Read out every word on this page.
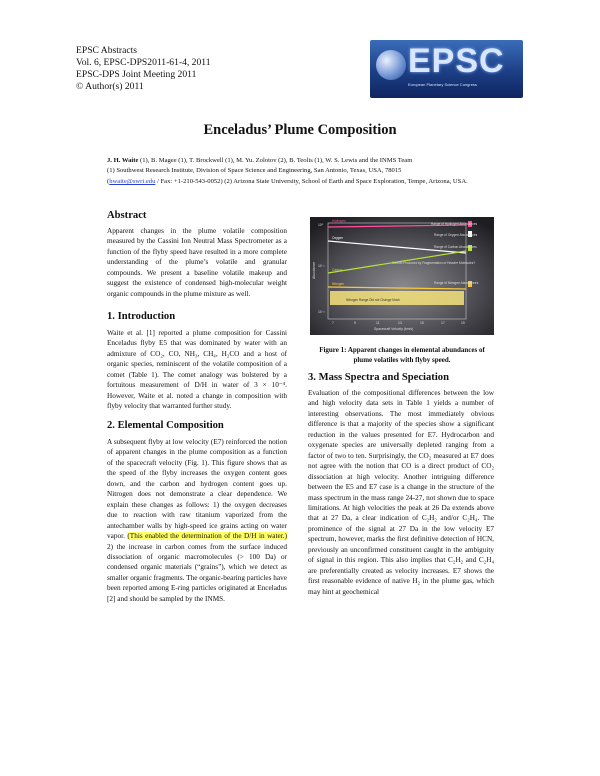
EPSC Abstracts
Vol. 6, EPSC-DPS2011-61-4, 2011
EPSC-DPS Joint Meeting 2011
© Author(s) 2011
EPSC
European Planetary Science Congress
Enceladus’ Plume Composition
J. H. Waite (1), B. Magee (1), T. Brockwell (1), M. Yu. Zolotov (2), B. Teolis (1), W. S. Lewis and the INMS Team
(1) Southwest Research Institute, Division of Space Science and Engineering, San Antonio, Texas, USA, 78015
(hwaite@swri.edu / Fax: +1-210-543-0052) (2) Arizona State University, School of Earth and Space Exploration, Tempe, Arizona, USA.
Abstract
Apparent changes in the plume volatile composition measured by the Cassini Ion Neutral Mass Spectrometer as a function of the flyby speed have resulted in a more complete understanding of the plume’s volatile and granular compounds. We present a baseline volatile makeup and suggest the existence of condensed high-molecular weight organic compounds in the plume mixture as well.
1. Introduction
Waite et al. [1] reported a plume composition for Cassini Enceladus flyby E5 that was dominated by water with an admixture of CO₂, CO, NH₃, CH₄, H₂CO and a host of organic species, reminiscent of the volatile composition of a comet (Table 1). The comet analogy was bolstered by a fortuitous measurement of D/H in water of 3 × 10⁻⁴. However, Waite et al. noted a change in composition with flyby velocity that warranted further study.
2. Elemental Composition
A subsequent flyby at low velocity (E7) reinforced the notion of apparent changes in the plume composition as a function of the spacecraft velocity (Fig. 1). This figure shows that as the speed of the flyby increases the oxygen content goes down, and the carbon and hydrogen content goes up. Nitrogen does not demonstrate a clear dependence. We explain these changes as follows: 1) the oxygen decreases due to reaction with raw titanium vaporized from the antechamber walls by high-speed ice grains acting on water vapor. (This enabled the determination of the D/H in water.) 2) the increase in carbon comes from the surface induced dissociation of organic macromolecules (> 100 Da) or condensed organic materials (“grains”), which we detect as smaller organic fragments. The organic-bearing particles have been reported among E-ring particles originated at Enceladus [2] and should be sampled by the INMS.
Hydrogen
Range of Hydrogen Abundances
Oxygen
Range of Oxygen Abundances
Carbon Produced by Fragmentation of Heavier Molecules?
Carbon
Range of Carbon Abundances
Nitrogen
Nitrogen Range Did not Change Much
Range of Nitrogen Abundances
10⁰
10⁻¹
10⁻²
7	9	11	13	15	17	19
Spacecraft Velocity (km/s)
Abundance
Figure 1: Apparent changes in elemental abundances of plume volatiles with flyby speed.
3. Mass Spectra and Speciation
Evaluation of the compositional differences between the low and high velocity data sets in Table 1 yields a number of interesting observations. The most immediately obvious difference is that a majority of the species show a significant reduction in the values presented for E7. Hydrocarbon and oxygenate species are universally depleted ranging from a factor of two to ten. Surprisingly, the CO₂ measured at E7 does not agree with the notion that CO is a direct product of CO₂ dissociation at high velocity. Another intriguing difference between the E5 and E7 case is a change in the structure of the mass spectrum in the mass range 24-27, not shown due to space limitations. At high velocities the peak at 26 Da extends above that at 27 Da, a clear indication of C₂H₂ and/or C₂H₄. The prominence of the signal at 27 Da in the low velocity E7 spectrum, however, marks the first definitive detection of HCN, previously an unconfirmed constituent caught in the ambiguity of signal in this region. This also implies that C₂H₂ and C₂H₄ are preferentially created as velocity increases. E7 shows the first reasonable evidence of native H₂ in the plume gas, which may hint at geochemical
